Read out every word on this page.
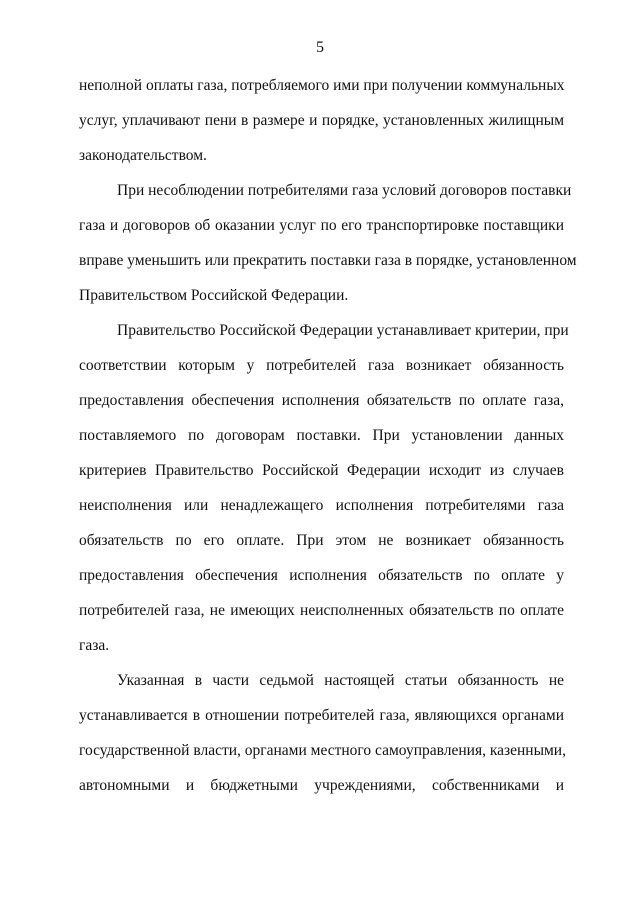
5
неполной оплаты газа, потребляемого ими при получении коммунальных
услуг, уплачивают пени в размере и порядке, установленных жилищным
законодательством.
При несоблюдении потребителями газа условий договоров поставки
газа и договоров об оказании услуг по его транспортировке поставщики
вправе уменьшить или прекратить поставки газа в порядке, установленном
Правительством Российской Федерации.
Правительство Российской Федерации устанавливает критерии, при
соответствии которым у потребителей газа возникает обязанность
предоставления обеспечения исполнения обязательств по оплате газа,
поставляемого по договорам поставки. При установлении данных
критериев Правительство Российской Федерации исходит из случаев
неисполнения или ненадлежащего исполнения потребителями газа
обязательств по его оплате. При этом не возникает обязанность
предоставления обеспечения исполнения обязательств по оплате у
потребителей газа, не имеющих неисполненных обязательств по оплате
газа.
Указанная в части седьмой настоящей статьи обязанность не
устанавливается в отношении потребителей газа, являющихся органами
государственной власти, органами местного самоуправления, казенными,
автономными и бюджетными учреждениями, собственниками и
